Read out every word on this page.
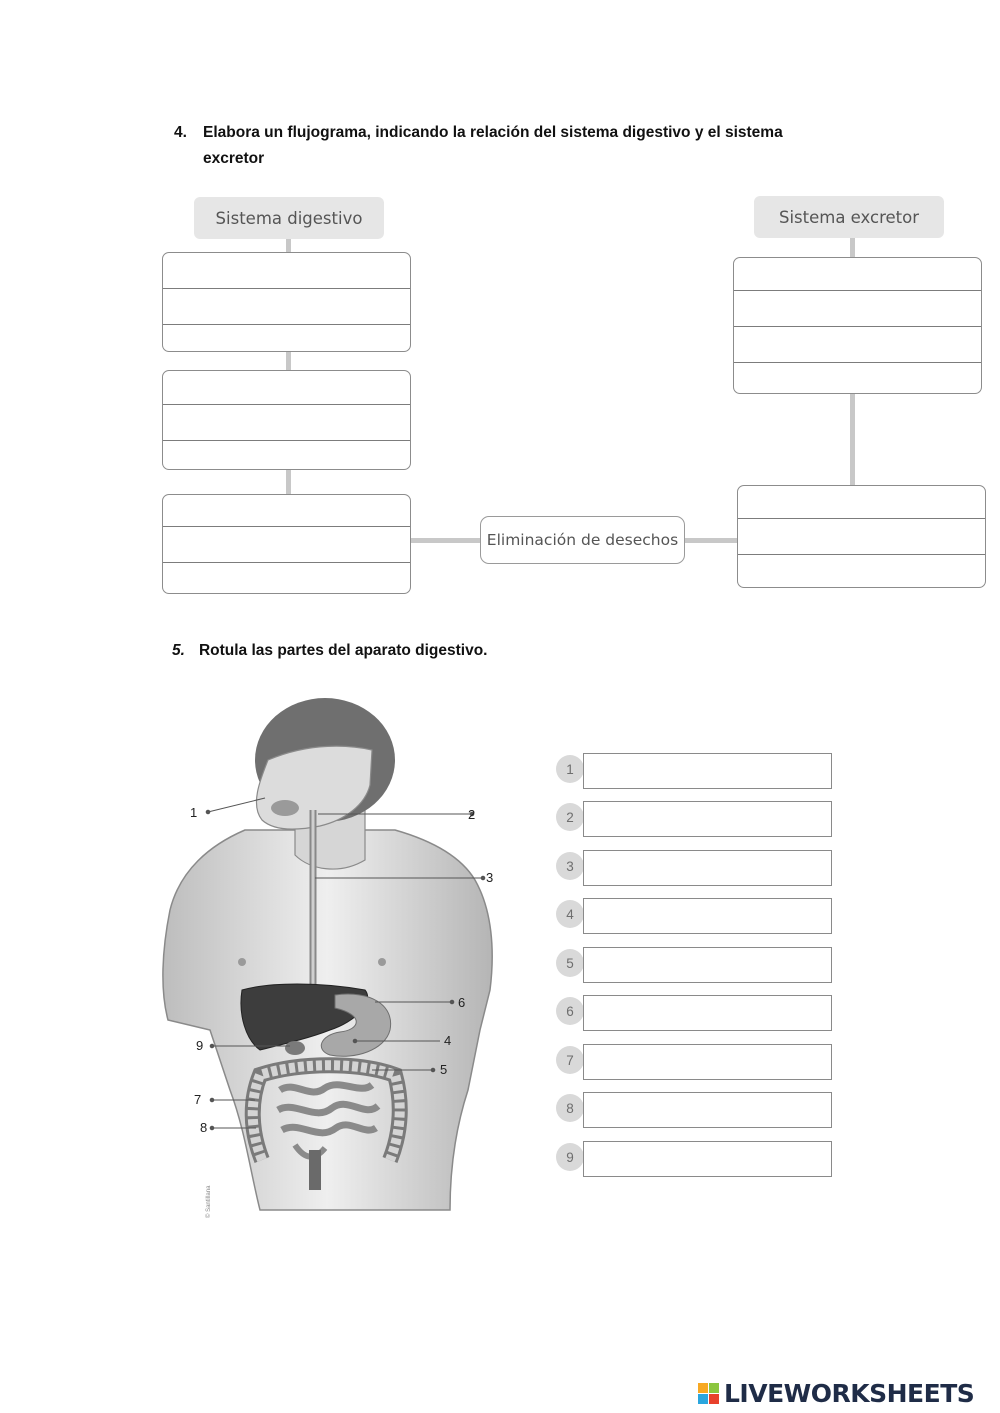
4. Elabora un flujograma, indicando la relación del sistema digestivo y el sistema excretor
Sistema digestivo	Sistema excretor
Eliminación de desechos
5. Rotula las partes del aparato digestivo.
1	2
3
4
5
6
7
8
9
© Santillana
1
2
3
4
5
6
7
8
9
LIVEWORKSHEETS
